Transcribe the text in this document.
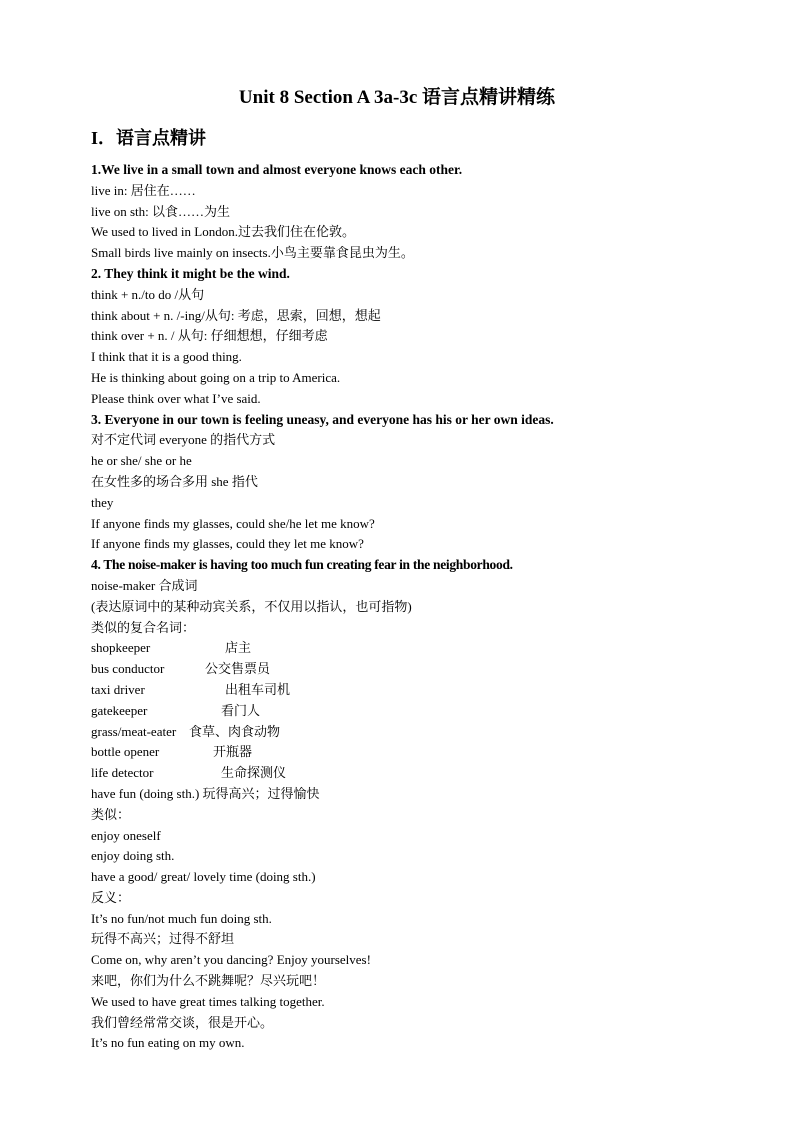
Unit 8 Section A 3a-3c 语言点精讲精练
I．语言点精讲
1.We live in a small town and almost everyone knows each other.
live in: 居住在……
live on sth: 以食……为生
We used to lived in London.过去我们住在伦敦。
Small birds live mainly on insects.小鸟主要靠食昆虫为生。
2. They think it might be the wind.
think + n./to do /从句
think about + n. /-ing/从句: 考虑，思索，回想，想起
think over + n. / 从句: 仔细想想，仔细考虑
I think that it is a good thing.
He is thinking about going on a trip to America.
Please think over what I’ve said.
3. Everyone in our town is feeling uneasy, and everyone has his or her own ideas.
对不定代词 everyone 的指代方式
he or she/ she or he
在女性多的场合多用 she 指代
they
If anyone finds my glasses, could she/he let me know?
If anyone finds my glasses, could they let me know?
4. The noise-maker is having too much fun creating fear in the neighborhood.
noise-maker 合成词
(表达原词中的某种动宾关系，不仅用以指认，也可指物)
类似的复合名词：
shopkeeper	店主
bus conductor	公交售票员
taxi driver	出租车司机
gatekeeper	看门人
grass/meat-eater 食草、肉食动物
bottle opener	开瓶器
life detector	生命探测仪
have fun (doing sth.) 玩得高兴；过得愉快
类似：
enjoy oneself
enjoy doing sth.
have a good/ great/ lovely time (doing sth.)
反义：
It’s no fun/not much fun doing sth.
玩得不高兴；过得不舒坦
Come on, why aren’t you dancing? Enjoy yourselves!
来吧，你们为什么不跳舞呢？尽兴玩吧！
We used to have great times talking together.
我们曾经常常交谈，很是开心。
It’s no fun eating on my own.
